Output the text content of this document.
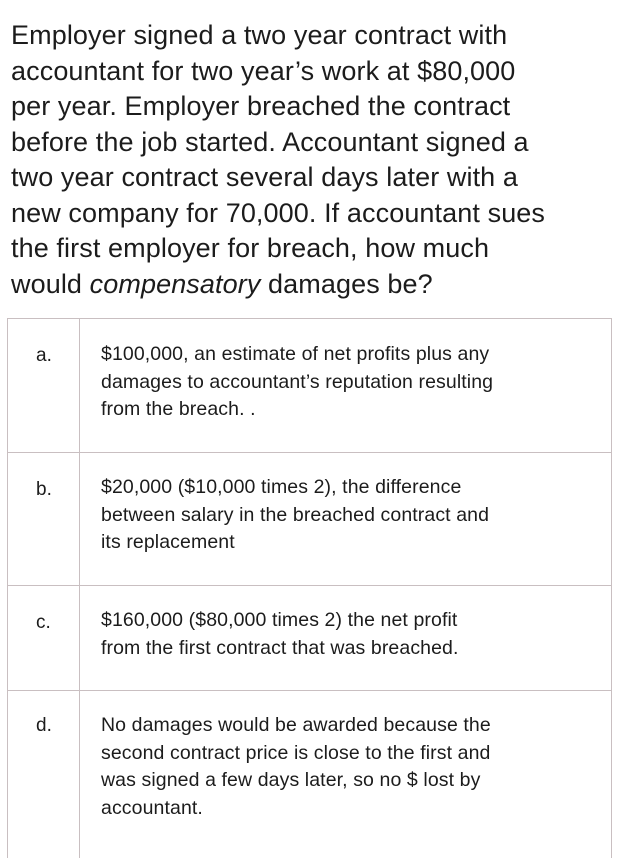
Employer signed a two year contract with
accountant for two year’s work at $80,000
per year. Employer breached the contract
before the job started. Accountant signed a
two year contract several days later with a
new company for 70,000. If accountant sues
the first employer for breach, how much
would compensatory damages be?
a.	$100,000, an estimate of net profits plus any
damages to accountant’s reputation resulting
from the breach. .
b.	$20,000 ($10,000 times 2), the difference
between salary in the breached contract and
its replacement
c.	$160,000 ($80,000 times 2) the net profit
from the first contract that was breached.
d.	No damages would be awarded because the
second contract price is close to the first and
was signed a few days later, so no $ lost by
accountant.
